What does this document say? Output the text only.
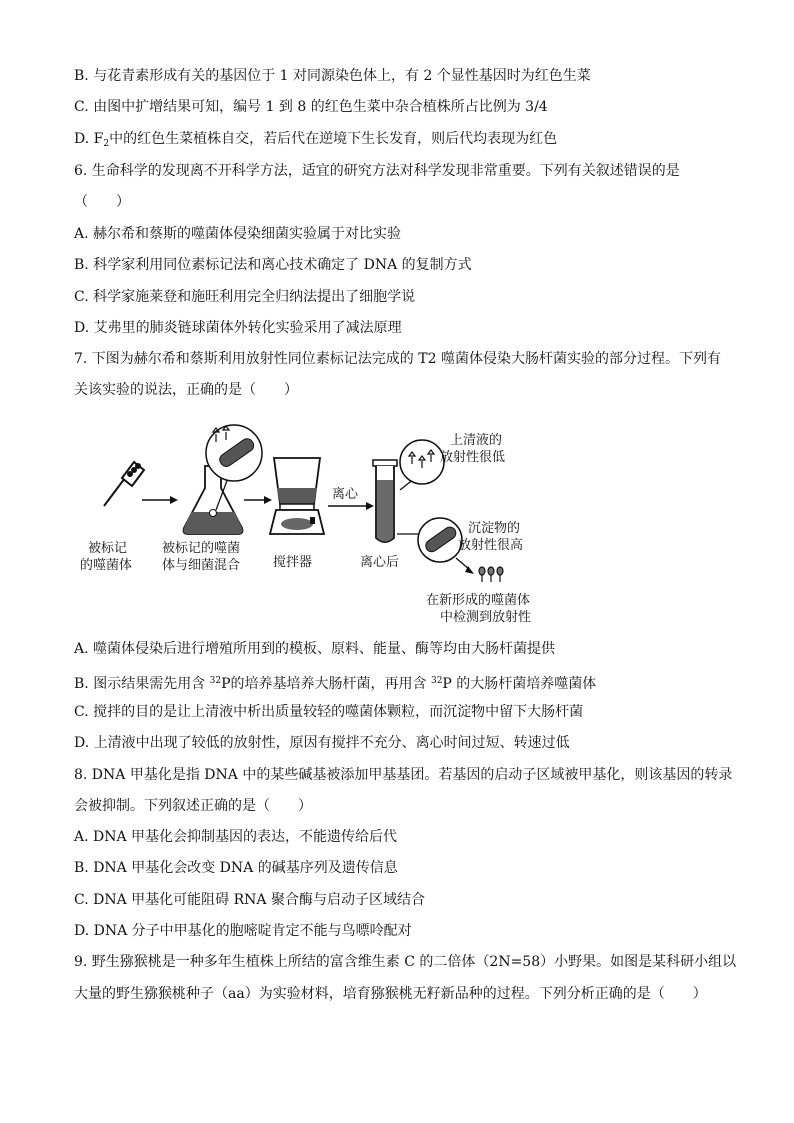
B. 与花青素形成有关的基因位于 1 对同源染色体上，有 2 个显性基因时为红色生菜
C. 由图中扩增结果可知，编号 1 到 8 的红色生菜中杂合植株所占比例为 3/4
D. $F_2$中的红色生菜植株自交，若后代在逆境下生长发育，则后代均表现为红色
6. 生命科学的发现离不开科学方法，适宜的研究方法对科学发现非常重要。下列有关叙述错误的是
（　　）
A. 赫尔希和蔡斯的噬菌体侵染细菌实验属于对比实验
B. 科学家利用同位素标记法和离心技术确定了 DNA 的复制方式
C. 科学家施莱登和施旺利用完全归纳法提出了细胞学说
D. 艾弗里的肺炎链球菌体外转化实验采用了减法原理
7. 下图为赫尔希和蔡斯利用放射性同位素标记法完成的 T2 噬菌体侵染大肠杆菌实验的部分过程。下列有
关该实验的说法，正确的是（　　）
被标记
的噬菌体
被标记的噬菌
体与细菌混合	搅拌器
离心
离心后
上清液的
放射性很低
沉淀物的
放射性很高
在新形成的噬菌体
中检测到放射性
A. 噬菌体侵染后进行增殖所用到的模板、原料、能量、酶等均由大肠杆菌提供
B. 图示结果需先用含 $^{32}$P的培养基培养大肠杆菌，再用含 $^{32}$P 的大肠杆菌培养噬菌体
C. 搅拌的目的是让上清液中析出质量较轻的噬菌体颗粒，而沉淀物中留下大肠杆菌
D. 上清液中出现了较低的放射性，原因有搅拌不充分、离心时间过短、转速过低
8. DNA 甲基化是指 DNA 中的某些碱基被添加甲基基团。若基因的启动子区域被甲基化，则该基因的转录
会被抑制。下列叙述正确的是（　　）
A. DNA 甲基化会抑制基因的表达，不能遗传给后代
B. DNA 甲基化会改变 DNA 的碱基序列及遗传信息
C. DNA 甲基化可能阻碍 RNA 聚合酶与启动子区域结合
D. DNA 分子中甲基化的胞嘧啶肯定不能与鸟嘌呤配对
9. 野生猕猴桃是一种多年生植株上所结的富含维生素 C 的二倍体（2N=58）小野果。如图是某科研小组以
大量的野生猕猴桃种子（aa）为实验材料，培育猕猴桃无籽新品种的过程。下列分析正确的是（　　）
